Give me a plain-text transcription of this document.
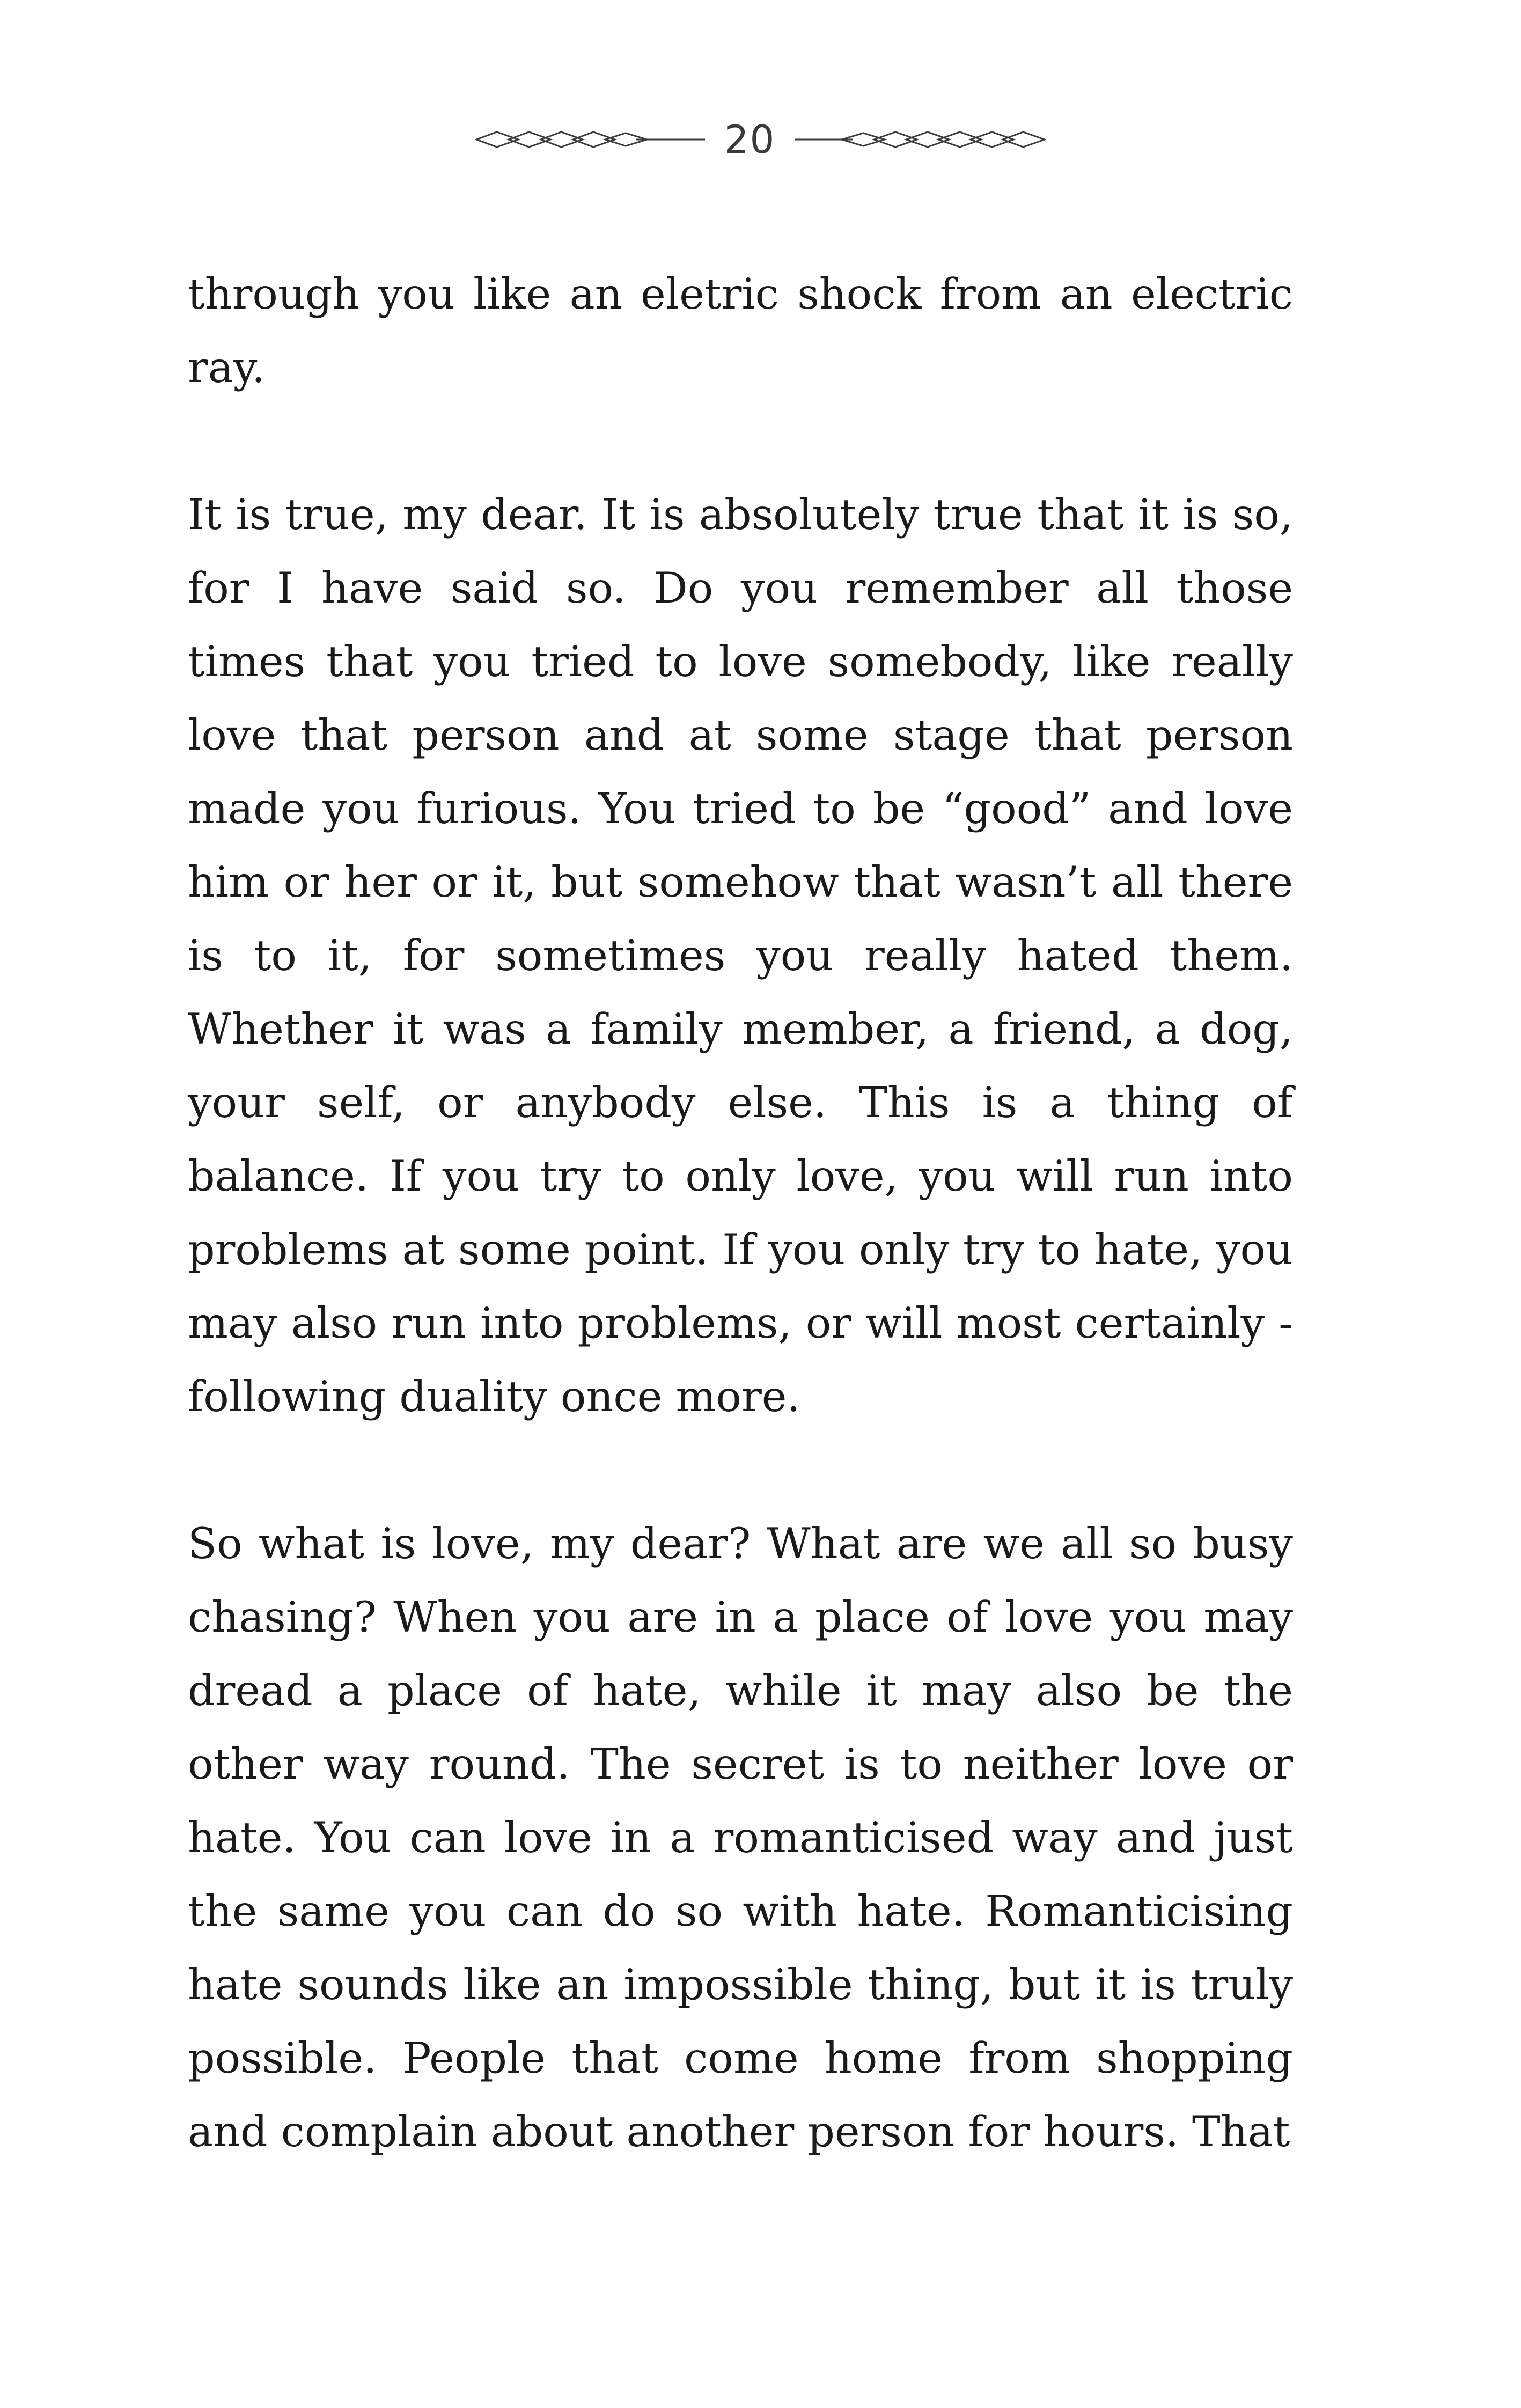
20

through you like an eletric shock from an electric ray.

It is true, my dear. It is absolutely true that it is so, for I have said so. Do you remember all those times that you tried to love somebody, like really love that person and at some stage that person made you furious. You tried to be “good” and love him or her or it, but somehow that wasn’t all there is to it, for sometimes you really hated them. Whether it was a family member, a friend, a dog, your self, or anybody else. This is a thing of balance. If you try to only love, you will run into problems at some point. If you only try to hate, you may also run into problems, or will most certainly - following duality once more.

So what is love, my dear? What are we all so busy chasing? When you are in a place of love you may dread a place of hate, while it may also be the other way round. The secret is to neither love or hate. You can love in a romanticised way and just the same you can do so with hate. Romanticising hate sounds like an impossible thing, but it is truly possible. People that come home from shopping and complain about another person for hours. That
